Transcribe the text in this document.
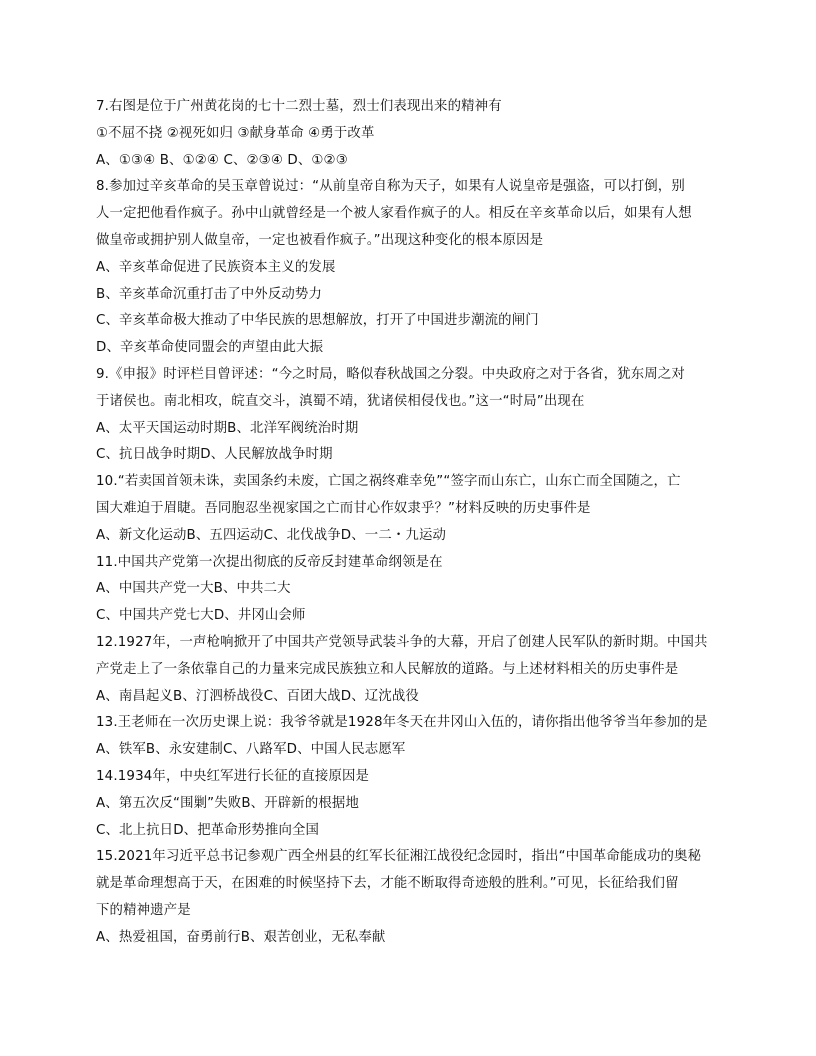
7.右图是位于广州黄花岗的七十二烈士墓，烈士们表现出来的精神有
①不屈不挠 ②视死如归 ③献身革命 ④勇于改革
A、①③④ B、①②④ C、②③④ D、①②③
8.参加过辛亥革命的吴玉章曾说过：“从前皇帝自称为天子，如果有人说皇帝是强盗，可以打倒，别
人一定把他看作疯子。孙中山就曾经是一个被人家看作疯子的人。相反在辛亥革命以后，如果有人想
做皇帝或拥护别人做皇帝，一定也被看作疯子。”出现这种变化的根本原因是
A、辛亥革命促进了民族资本主义的发展
B、辛亥革命沉重打击了中外反动势力
C、辛亥革命极大推动了中华民族的思想解放，打开了中国进步潮流的闸门
D、辛亥革命使同盟会的声望由此大振
9.《申报》时评栏目曾评述：“今之时局，略似春秋战国之分裂。中央政府之对于各省，犹东周之对
于诸侯也。南北相攻，皖直交斗，滇蜀不靖，犹诸侯相侵伐也。”这一“时局”出现在
A、太平天国运动时期B、北洋军阀统治时期
C、抗日战争时期D、人民解放战争时期
10.“若卖国首领未诛，卖国条约未废，亡国之祸终难幸免”“签字而山东亡，山东亡而全国随之，亡
国大难迫于眉睫。吾同胞忍坐视家国之亡而甘心作奴隶乎？”材料反映的历史事件是
A、新文化运动B、五四运动C、北伐战争D、一二・九运动
11.中国共产党第一次提出彻底的反帝反封建革命纲领是在
A、中国共产党一大B、中共二大
C、中国共产党七大D、井冈山会师
12.1927年，一声枪响掀开了中国共产党领导武装斗争的大幕，开启了创建人民军队的新时期。中国共
产党走上了一条依靠自己的力量来完成民族独立和人民解放的道路。与上述材料相关的历史事件是
A、南昌起义B、汀泗桥战役C、百团大战D、辽沈战役
13.王老师在一次历史课上说：我爷爷就是1928年冬天在井冈山入伍的，请你指出他爷爷当年参加的是
A、铁军B、永安建制C、八路军D、中国人民志愿军
14.1934年，中央红军进行长征的直接原因是
A、第五次反“围剿”失败B、开辟新的根据地
C、北上抗日D、把革命形势推向全国
15.2021年习近平总书记参观广西全州县的红军长征湘江战役纪念园时，指出“中国革命能成功的奥秘
就是革命理想高于天，在困难的时候坚持下去，才能不断取得奇迹般的胜利。”可见，长征给我们留
下的精神遗产是
A、热爱祖国，奋勇前行B、艰苦创业，无私奉献
